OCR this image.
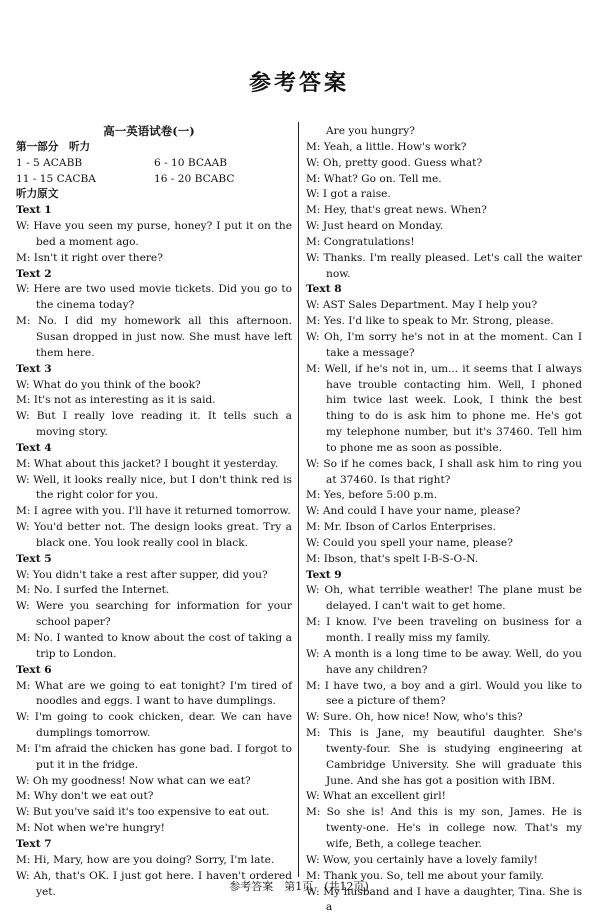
参考答案
高一英语试卷(一)
第一部分　听力
1 - 5 ACABB	6 - 10 BCAAB
11 - 15 CACBA	16 - 20 BCABC
听力原文
Text 1
W: Have you seen my purse, honey? I put it on the bed a moment ago.
M: Isn't it right over there?
Text 2
W: Here are two used movie tickets. Did you go to the cinema today?
M: No. I did my homework all this afternoon. Susan dropped in just now. She must have left them here.
Text 3
W: What do you think of the book?
M: It's not as interesting as it is said.
W: But I really love reading it. It tells such a moving story.
Text 4
M: What about this jacket? I bought it yesterday.
W: Well, it looks really nice, but I don't think red is the right color for you.
M: I agree with you. I'll have it returned tomorrow.
W: You'd better not. The design looks great. Try a black one. You look really cool in black.
Text 5
W: You didn't take a rest after supper, did you?
M: No. I surfed the Internet.
W: Were you searching for information for your school paper?
M: No. I wanted to know about the cost of taking a trip to London.
Text 6
M: What are we going to eat tonight? I'm tired of noodles and eggs. I want to have dumplings.
W: I'm going to cook chicken, dear. We can have dumplings tomorrow.
M: I'm afraid the chicken has gone bad. I forgot to put it in the fridge.
W: Oh my goodness! Now what can we eat?
M: Why don't we eat out?
W: But you've said it's too expensive to eat out.
M: Not when we're hungry!
Text 7
M: Hi, Mary, how are you doing? Sorry, I'm late.
W: Ah, that's OK. I just got here. I haven't ordered yet.
Are you hungry?
M: Yeah, a little. How's work?
W: Oh, pretty good. Guess what?
M: What? Go on. Tell me.
W: I got a raise.
M: Hey, that's great news. When?
W: Just heard on Monday.
M: Congratulations!
W: Thanks. I'm really pleased. Let's call the waiter now.
Text 8
W: AST Sales Department. May I help you?
M: Yes. I'd like to speak to Mr. Strong, please.
W: Oh, I'm sorry he's not in at the moment. Can I take a message?
M: Well, if he's not in, um... it seems that I always have trouble contacting him. Well, I phoned him twice last week. Look, I think the best thing to do is ask him to phone me. He's got my telephone number, but it's 37460. Tell him to phone me as soon as possible.
W: So if he comes back, I shall ask him to ring you at 37460. Is that right?
M: Yes, before 5:00 p.m.
W: And could I have your name, please?
M: Mr. Ibson of Carlos Enterprises.
W: Could you spell your name, please?
M: Ibson, that's spelt I-B-S-O-N.
Text 9
W: Oh, what terrible weather! The plane must be delayed. I can't wait to get home.
M: I know. I've been traveling on business for a month. I really miss my family.
W: A month is a long time to be away. Well, do you have any children?
M: I have two, a boy and a girl. Would you like to see a picture of them?
W: Sure. Oh, how nice! Now, who's this?
M: This is Jane, my beautiful daughter. She's twenty-four. She is studying engineering at Cambridge University. She will graduate this June. And she has got a position with IBM.
W: What an excellent girl!
M: So she is! And this is my son, James. He is twenty-one. He's in college now. That's my wife, Beth, a college teacher.
W: Wow, you certainly have a lovely family!
M: Thank you. So, tell me about your family.
W: My husband and I have a daughter, Tina. She is a
参考答案　第1页　(共12页)
